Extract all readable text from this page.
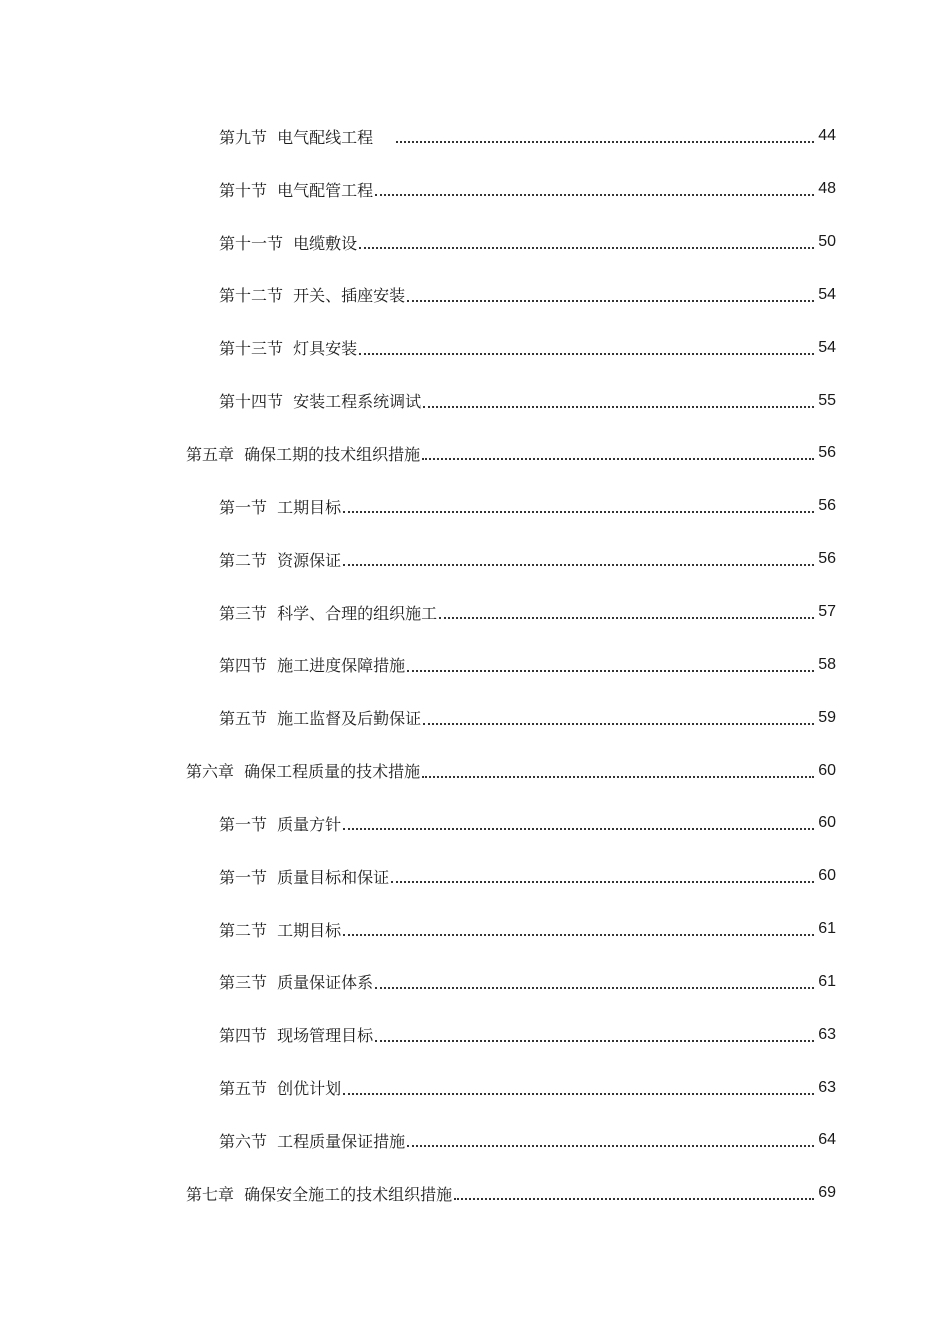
第九节  电气配线工程	44
第十节  电气配管工程	48
第十一节  电缆敷设	50
第十二节  开关、插座安装	54
第十三节  灯具安装	54
第十四节  安装工程系统调试	55
第五章  确保工期的技术组织措施	56
第一节  工期目标	56
第二节  资源保证	56
第三节  科学、合理的组织施工	57
第四节  施工进度保障措施	58
第五节  施工监督及后勤保证	59
第六章  确保工程质量的技术措施	60
第一节  质量方针	60
第一节  质量目标和保证	60
第二节  工期目标	61
第三节  质量保证体系	61
第四节  现场管理目标	63
第五节  创优计划	63
第六节  工程质量保证措施	64
第七章  确保安全施工的技术组织措施	69
